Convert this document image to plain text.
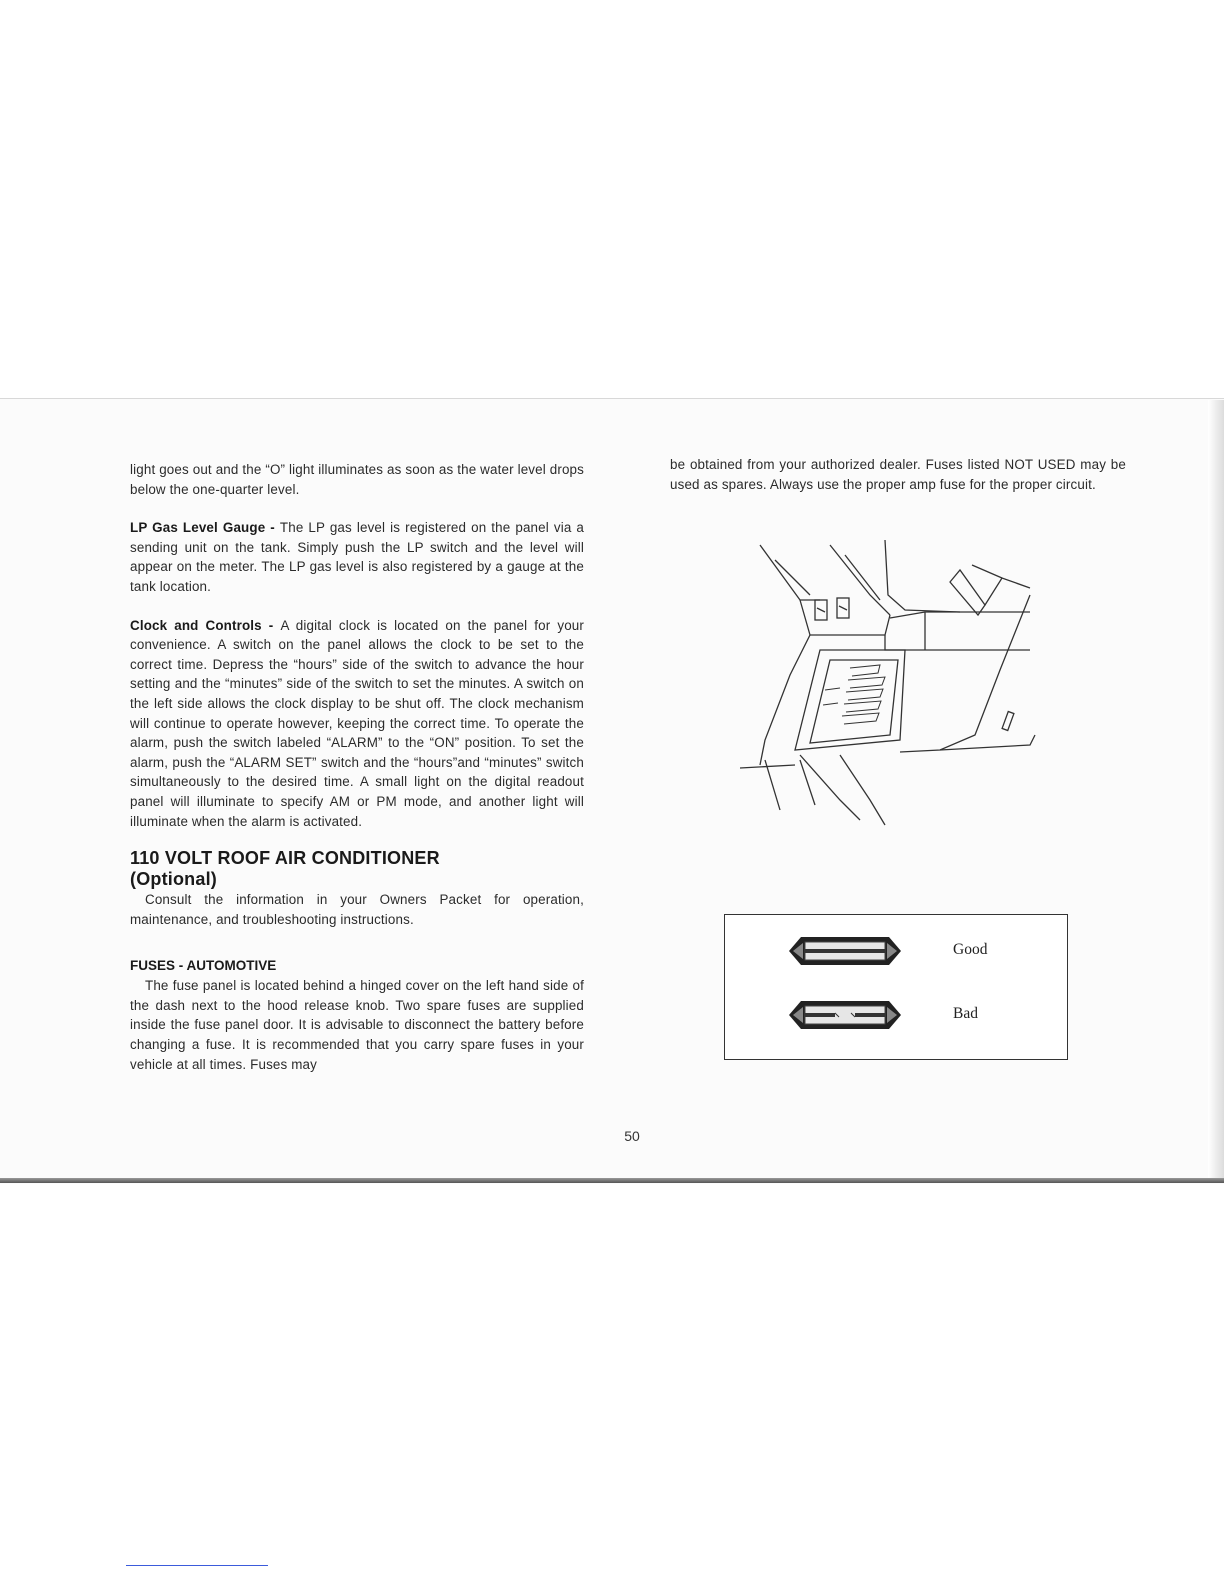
light goes out and the “O” light illuminates as soon as the water level drops below the one-quarter level.

LP Gas Level Gauge - The LP gas level is registered on the panel via a sending unit on the tank. Simply push the LP switch and the level will appear on the meter. The LP gas level is also registered by a gauge at the tank location.

Clock and Controls - A digital clock is located on the panel for your convenience. A switch on the panel allows the clock to be set to the correct time. Depress the “hours” side of the switch to advance the hour setting and the “minutes” side of the switch to set the minutes. A switch on the left side allows the clock display to be shut off. The clock mechanism will continue to operate however, keeping the correct time. To operate the alarm, push the switch labeled “ALARM” to the “ON” position. To set the alarm, push the “ALARM SET” switch and the “hours”and “minutes” switch simultaneously to the desired time. A small light on the digital readout panel will illuminate to specify AM or PM mode, and another light will illuminate when the alarm is activated.

110 VOLT ROOF AIR CONDITIONER
(Optional)

Consult the information in your Owners Packet for operation, maintenance, and troubleshooting instructions.

FUSES - AUTOMOTIVE

The fuse panel is located behind a hinged cover on the left hand side of the dash next to the hood release knob. Two spare fuses are supplied inside the fuse panel door. It is advisable to disconnect the battery before changing a fuse. It is recommended that you carry spare fuses in your vehicle at all times. Fuses may

be obtained from your authorized dealer. Fuses listed NOT USED may be used as spares. Always use the proper amp fuse for the proper circuit.

Good
Bad
50
